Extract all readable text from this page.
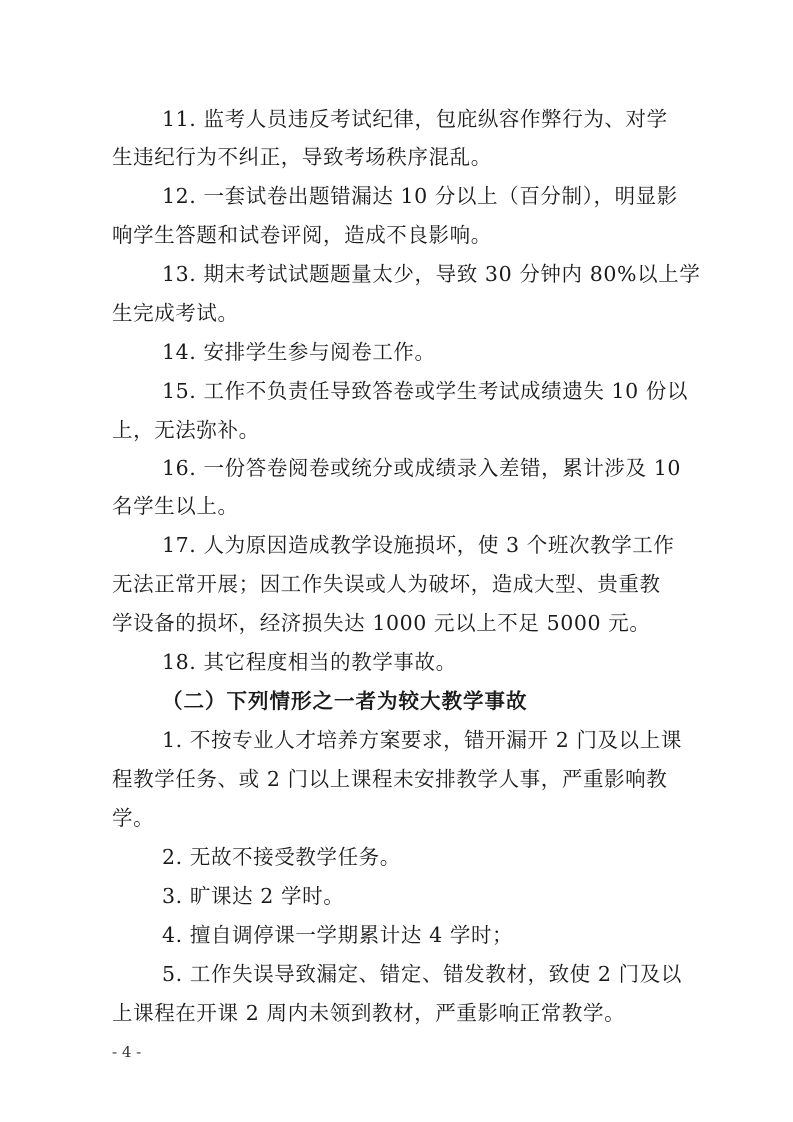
11. 监考人员违反考试纪律，包庇纵容作弊行为、对学
生违纪行为不纠正，导致考场秩序混乱。
12. 一套试卷出题错漏达 10 分以上（百分制），明显影
响学生答题和试卷评阅，造成不良影响。
13. 期末考试试题题量太少，导致 30 分钟内 80%以上学
生完成考试。
14. 安排学生参与阅卷工作。
15. 工作不负责任导致答卷或学生考试成绩遗失 10 份以
上，无法弥补。
16. 一份答卷阅卷或统分或成绩录入差错，累计涉及 10
名学生以上。
17. 人为原因造成教学设施损坏，使 3 个班次教学工作
无法正常开展；因工作失误或人为破坏，造成大型、贵重教
学设备的损坏，经济损失达 1000 元以上不足 5000 元。
18. 其它程度相当的教学事故。
（二）下列情形之一者为较大教学事故
1. 不按专业人才培养方案要求，错开漏开 2 门及以上课
程教学任务、或 2 门以上课程未安排教学人事，严重影响教
学。
2. 无故不接受教学任务。
3. 旷课达 2 学时。
4. 擅自调停课一学期累计达 4 学时；
5. 工作失误导致漏定、错定、错发教材，致使 2 门及以
上课程在开课 2 周内未领到教材，严重影响正常教学。
- 4 -
